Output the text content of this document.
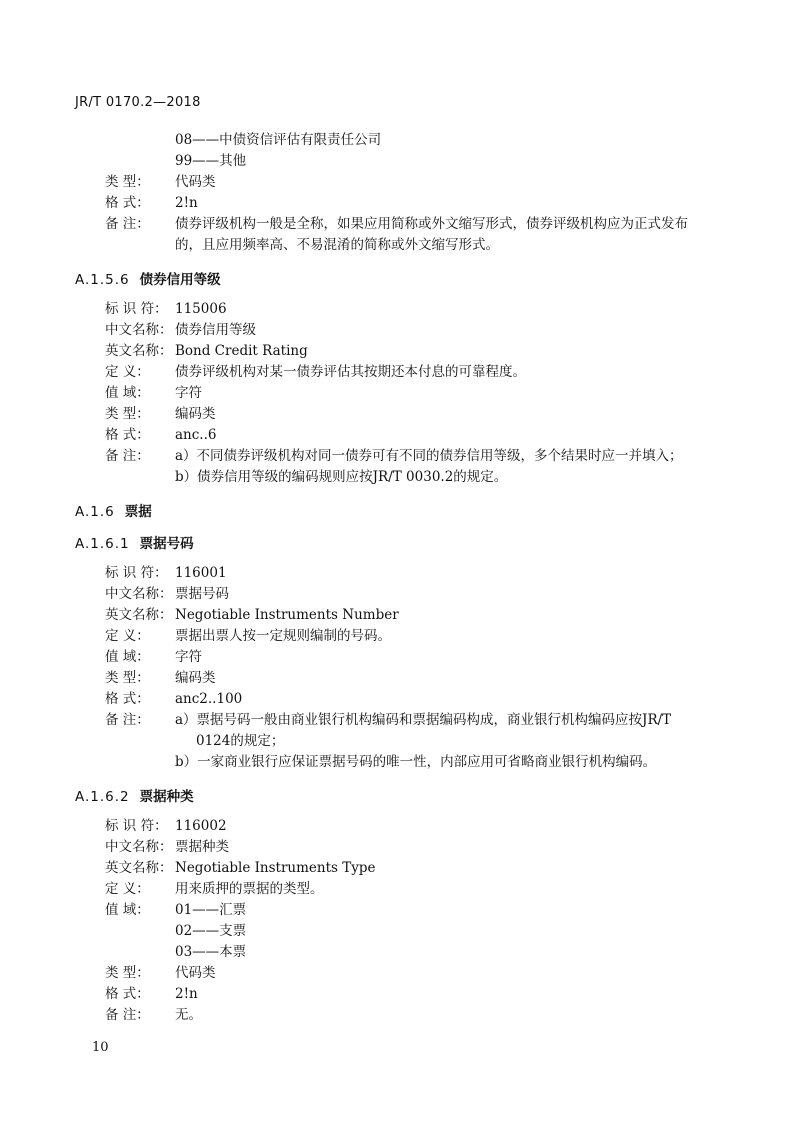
JR/T 0170.2—2018
08——中债资信评估有限责任公司
99——其他
类 型： 代码类
格 式： 2!n
备 注： 债券评级机构一般是全称，如果应用简称或外文缩写形式，债券评级机构应为正式发布
的，且应用频率高、不易混淆的简称或外文缩写形式。
A.1.5.6 债券信用等级
标 识 符： 115006
中文名称： 债券信用等级
英文名称： Bond Credit Rating
定 义： 债券评级机构对某一债券评估其按期还本付息的可靠程度。
值 域： 字符
类 型： 编码类
格 式： anc..6
备 注： a）不同债券评级机构对同一债券可有不同的债券信用等级，多个结果时应一并填入；
b）债券信用等级的编码规则应按JR/T 0030.2的规定。
A.1.6 票据
A.1.6.1 票据号码
标 识 符： 116001
中文名称： 票据号码
英文名称： Negotiable Instruments Number
定 义： 票据出票人按一定规则编制的号码。
值 域： 字符
类 型： 编码类
格 式： anc2..100
备 注： a）票据号码一般由商业银行机构编码和票据编码构成，商业银行机构编码应按JR/T
0124的规定；
b）一家商业银行应保证票据号码的唯一性，内部应用可省略商业银行机构编码。
A.1.6.2 票据种类
标 识 符： 116002
中文名称： 票据种类
英文名称： Negotiable Instruments Type
定 义： 用来质押的票据的类型。
值 域： 01——汇票
02——支票
03——本票
类 型： 代码类
格 式： 2!n
备 注： 无。
10
